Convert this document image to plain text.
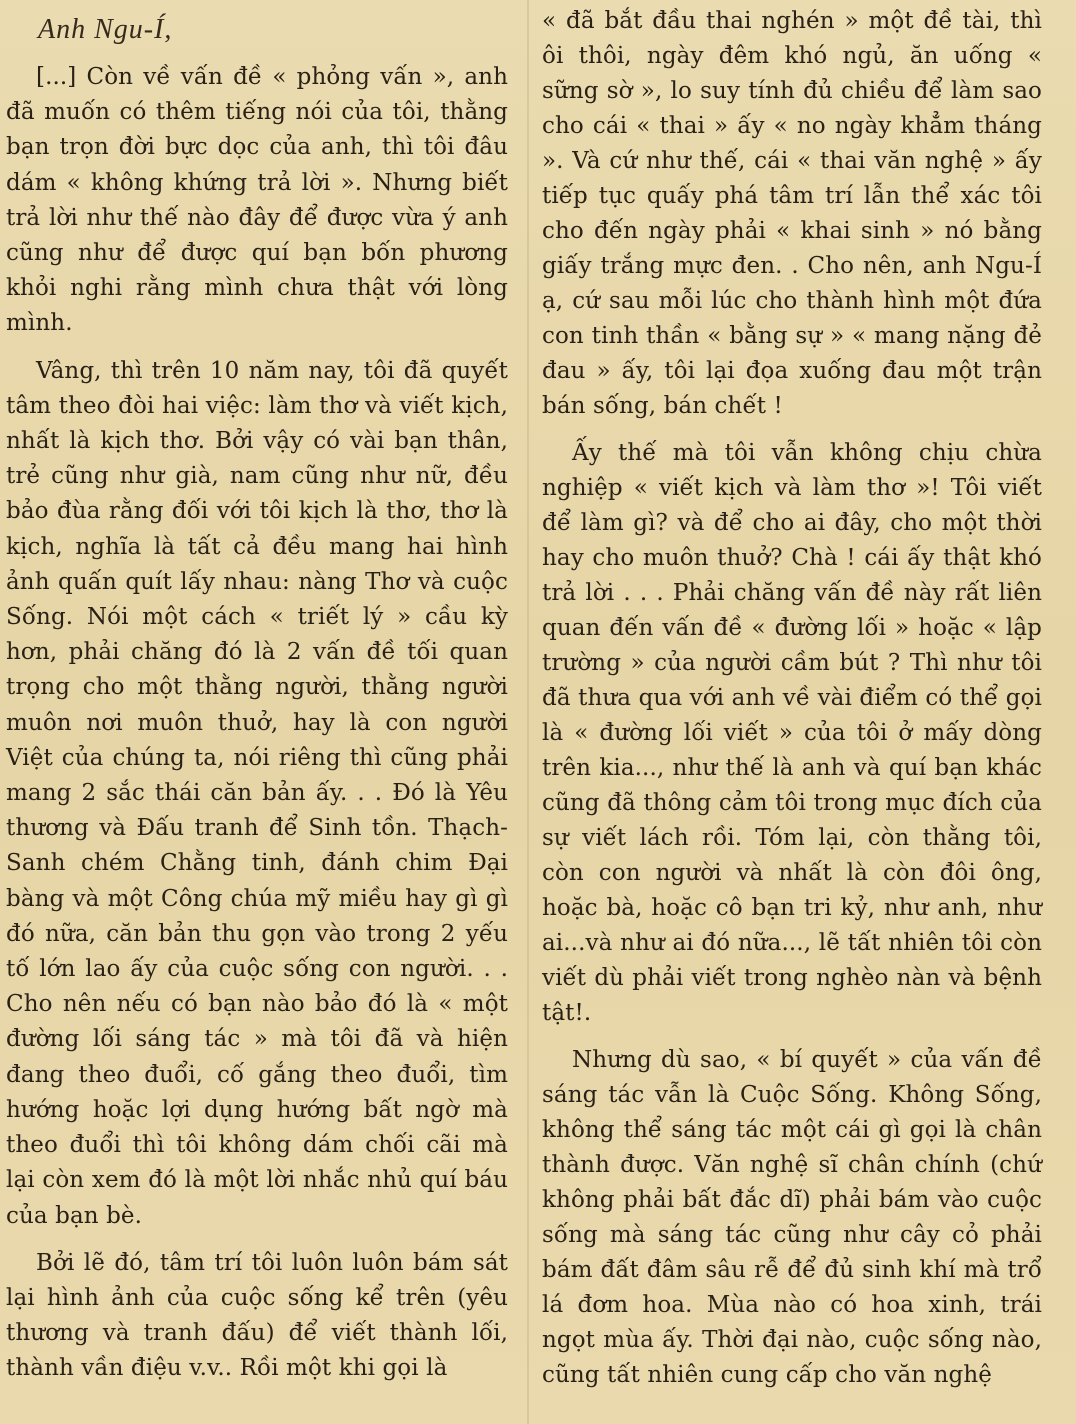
Anh Ngu-Í,

[...] Còn về vấn đề « phỏng vấn », anh đã muốn có thêm tiếng nói của tôi, thằng bạn trọn đời bực dọc của anh, thì tôi đâu dám « không khứng trả lời ». Nhưng biết trả lời như thế nào đây để được vừa ý anh cũng như để được quí bạn bốn phương khỏi nghi rằng mình chưa thật với lòng mình.

Vâng, thì trên 10 năm nay, tôi đã quyết tâm theo đòi hai việc: làm thơ và viết kịch, nhất là kịch thơ. Bởi vậy có vài bạn thân, trẻ cũng như già, nam cũng như nữ, đều bảo đùa rằng đối với tôi kịch là thơ, thơ là kịch, nghĩa là tất cả đều mang hai hình ảnh quấn quít lấy nhau: nàng Thơ và cuộc Sống. Nói một cách « triết lý » cầu kỳ hơn, phải chăng đó là 2 vấn đề tối quan trọng cho một thằng người, thằng người muôn nơi muôn thuở, hay là con người Việt của chúng ta, nói riêng thì cũng phải mang 2 sắc thái căn bản ấy. . . Đó là Yêu thương và Đấu tranh để Sinh tồn. Thạch-Sanh chém Chằng tinh, đánh chim Đại bàng và một Công chúa mỹ miều hay gì gì đó nữa, căn bản thu gọn vào trong 2 yếu tố lớn lao ấy của cuộc sống con người. . . Cho nên nếu có bạn nào bảo đó là « một đường lối sáng tác » mà tôi đã và hiện đang theo đuổi, cố gắng theo đuổi, tìm hướng hoặc lợi dụng hướng bất ngờ mà theo đuổi thì tôi không dám chối cãi mà lại còn xem đó là một lời nhắc nhủ quí báu của bạn bè.

Bởi lẽ đó, tâm trí tôi luôn luôn bám sát lại hình ảnh của cuộc sống kể trên (yêu thương và tranh đấu) để viết thành lối, thành vần điệu v.v.. Rồi một khi gọi là

« đã bắt đầu thai nghén » một đề tài, thì ôi thôi, ngày đêm khó ngủ, ăn uống « sững sờ », lo suy tính đủ chiều để làm sao cho cái « thai » ấy « no ngày khẳm tháng ». Và cứ như thế, cái « thai văn nghệ » ấy tiếp tục quấy phá tâm trí lẫn thể xác tôi cho đến ngày phải « khai sinh » nó bằng giấy trắng mực đen. . Cho nên, anh Ngu-Í ạ, cứ sau mỗi lúc cho thành hình một đứa con tinh thần « bằng sự » « mang nặng đẻ đau » ấy, tôi lại đọa xuống đau một trận bán sống, bán chết !

Ấy thế mà tôi vẫn không chịu chừa nghiệp « viết kịch và làm thơ »! Tôi viết để làm gì? và để cho ai đây, cho một thời hay cho muôn thuở? Chà ! cái ấy thật khó trả lời . . . Phải chăng vấn đề này rất liên quan đến vấn đề « đường lối » hoặc « lập trường » của người cầm bút ? Thì như tôi đã thưa qua với anh về vài điểm có thể gọi là « đường lối viết » của tôi ở mấy dòng trên kia..., như thế là anh và quí bạn khác cũng đã thông cảm tôi trong mục đích của sự viết lách rồi. Tóm lại, còn thằng tôi, còn con người và nhất là còn đôi ông, hoặc bà, hoặc cô bạn tri kỷ, như anh, như ai...và như ai đó nữa..., lẽ tất nhiên tôi còn viết dù phải viết trong nghèo nàn và bệnh tật!.

Nhưng dù sao, « bí quyết » của vấn đề sáng tác vẫn là Cuộc Sống. Không Sống, không thể sáng tác một cái gì gọi là chân thành được. Văn nghệ sĩ chân chính (chứ không phải bất đắc dĩ) phải bám vào cuộc sống mà sáng tác cũng như cây cỏ phải bám đất đâm sâu rễ để đủ sinh khí mà trổ lá đơm hoa. Mùa nào có hoa xinh, trái ngọt mùa ấy. Thời đại nào, cuộc sống nào, cũng tất nhiên cung cấp cho văn nghệ
